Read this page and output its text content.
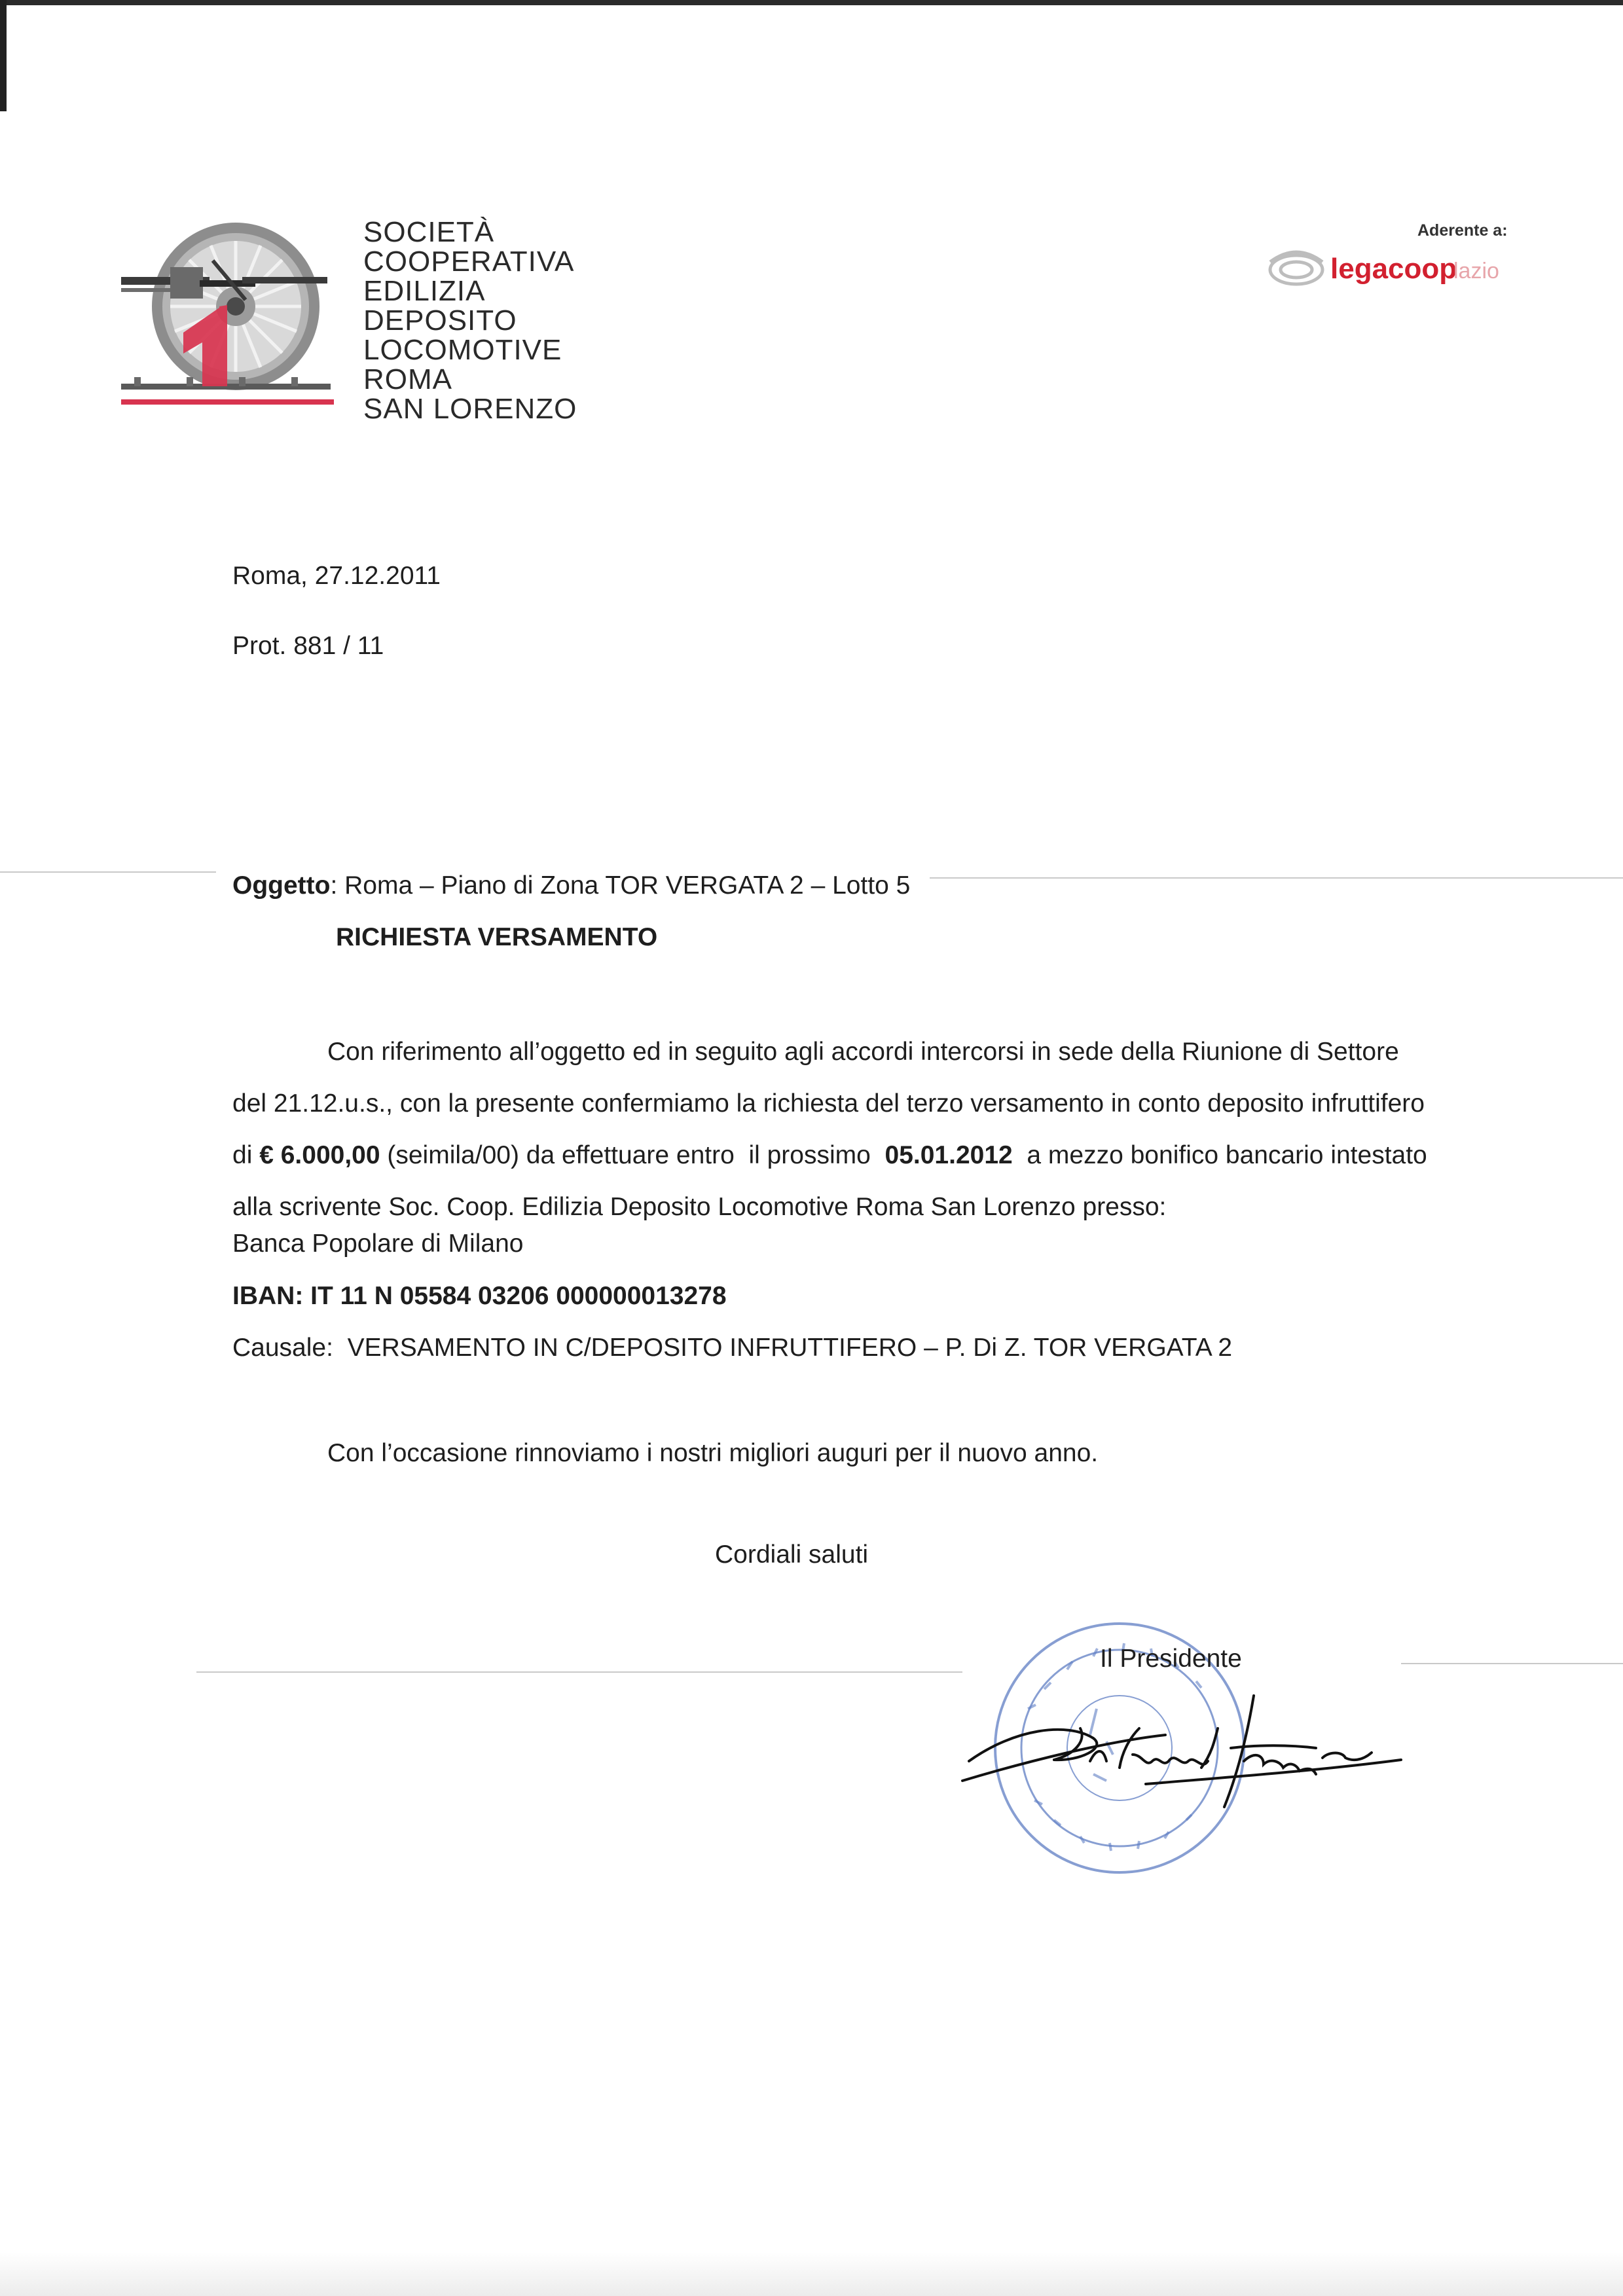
SOCIETÀ
COOPERATIVA
EDILIZIA
DEPOSITO
LOCOMOTIVE
ROMA
SAN LORENZO
Aderente a:
legacoop
lazio
Roma, 27.12.2011
Prot. 881 / 11
Oggetto: Roma – Piano di Zona TOR VERGATA 2 – Lotto 5
RICHIESTA VERSAMENTO
Con riferimento all’oggetto ed in seguito agli accordi intercorsi in sede della Riunione di Settore
del 21.12.u.s., con la presente confermiamo la richiesta del terzo versamento in conto deposito infruttifero
di € 6.000,00 (seimila/00) da effettuare entro  il prossimo  05.01.2012  a mezzo bonifico bancario intestato
alla scrivente Soc. Coop. Edilizia Deposito Locomotive Roma San Lorenzo presso:
Banca Popolare di Milano
IBAN: IT 11 N 05584 03206 000000013278
Causale:  VERSAMENTO IN C/DEPOSITO INFRUTTIFERO – P. Di Z. TOR VERGATA 2
Con l’occasione rinnoviamo i nostri migliori auguri per il nuovo anno.
Cordiali saluti
Il Presidente
